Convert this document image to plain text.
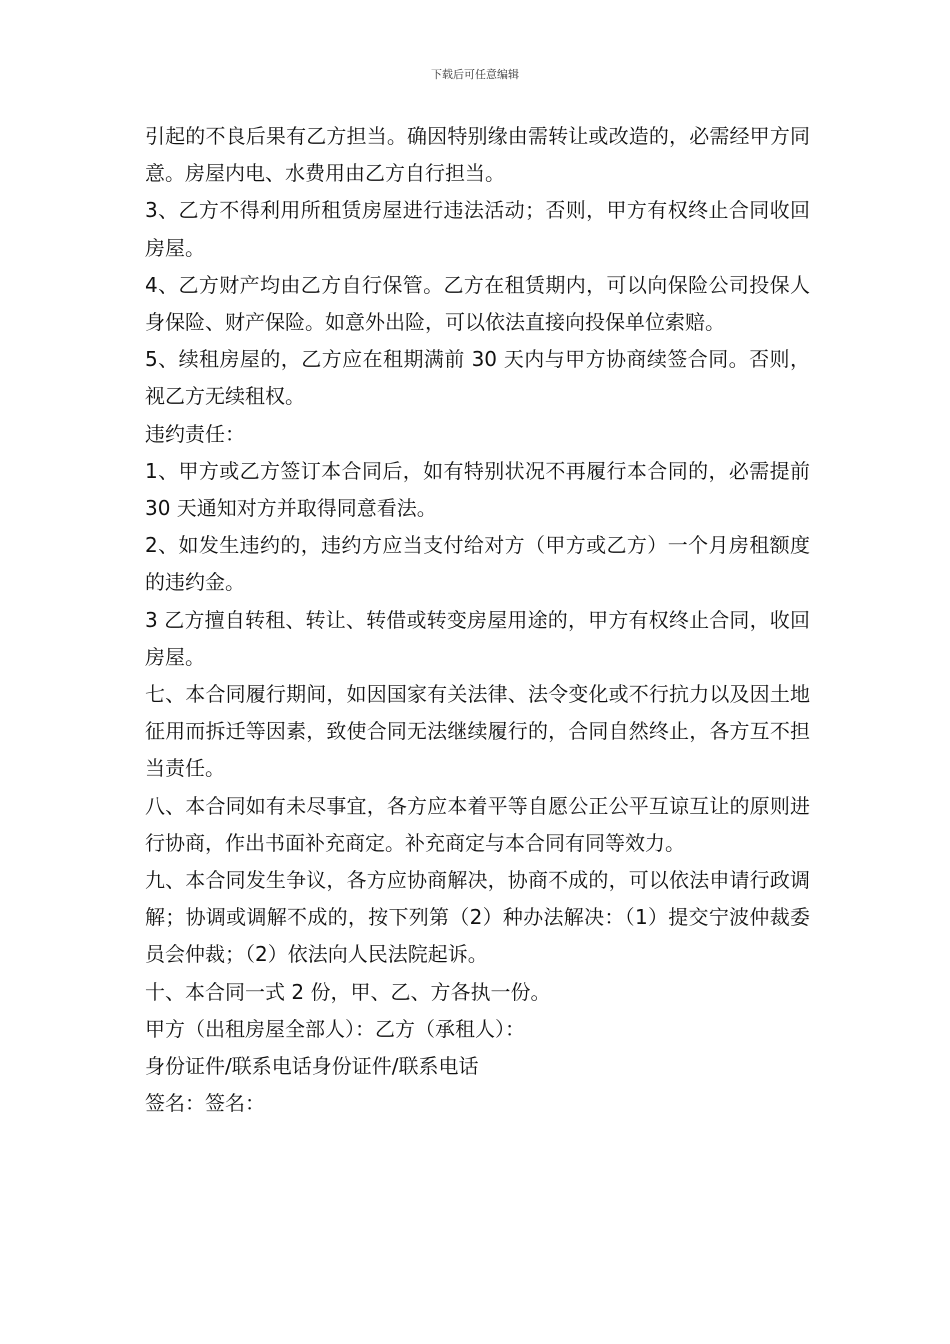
下载后可任意编辑

引起的不良后果有乙方担当。确因特别缘由需转让或改造的，必需经甲方同意。房屋内电、水费用由乙方自行担当。

3、乙方不得利用所租赁房屋进行违法活动；否则，甲方有权终止合同收回房屋。

4、乙方财产均由乙方自行保管。乙方在租赁期内，可以向保险公司投保人身保险、财产保险。如意外出险，可以依法直接向投保单位索赔。

5、续租房屋的，乙方应在租期满前 30 天内与甲方协商续签合同。否则，视乙方无续租权。

违约责任：

1、甲方或乙方签订本合同后，如有特别状况不再履行本合同的，必需提前 30 天通知对方并取得同意看法。

2、如发生违约的，违约方应当支付给对方（甲方或乙方）一个月房租额度的违约金。

3 乙方擅自转租、转让、转借或转变房屋用途的，甲方有权终止合同，收回房屋。

七、本合同履行期间，如因国家有关法律、法令变化或不行抗力以及因土地征用而拆迁等因素，致使合同无法继续履行的，合同自然终止，各方互不担当责任。

八、本合同如有未尽事宜，各方应本着平等自愿公正公平互谅互让的原则进行协商，作出书面补充商定。补充商定与本合同有同等效力。

九、本合同发生争议，各方应协商解决，协商不成的，可以依法申请行政调解；协调或调解不成的，按下列第（2）种办法解决：（1）提交宁波仲裁委员会仲裁；（2）依法向人民法院起诉。

十、本合同一式 2 份，甲、乙、方各执一份。

甲方（出租房屋全部人）：乙方（承租人）：

身份证件/联系电话身份证件/联系电话

签名：签名：
